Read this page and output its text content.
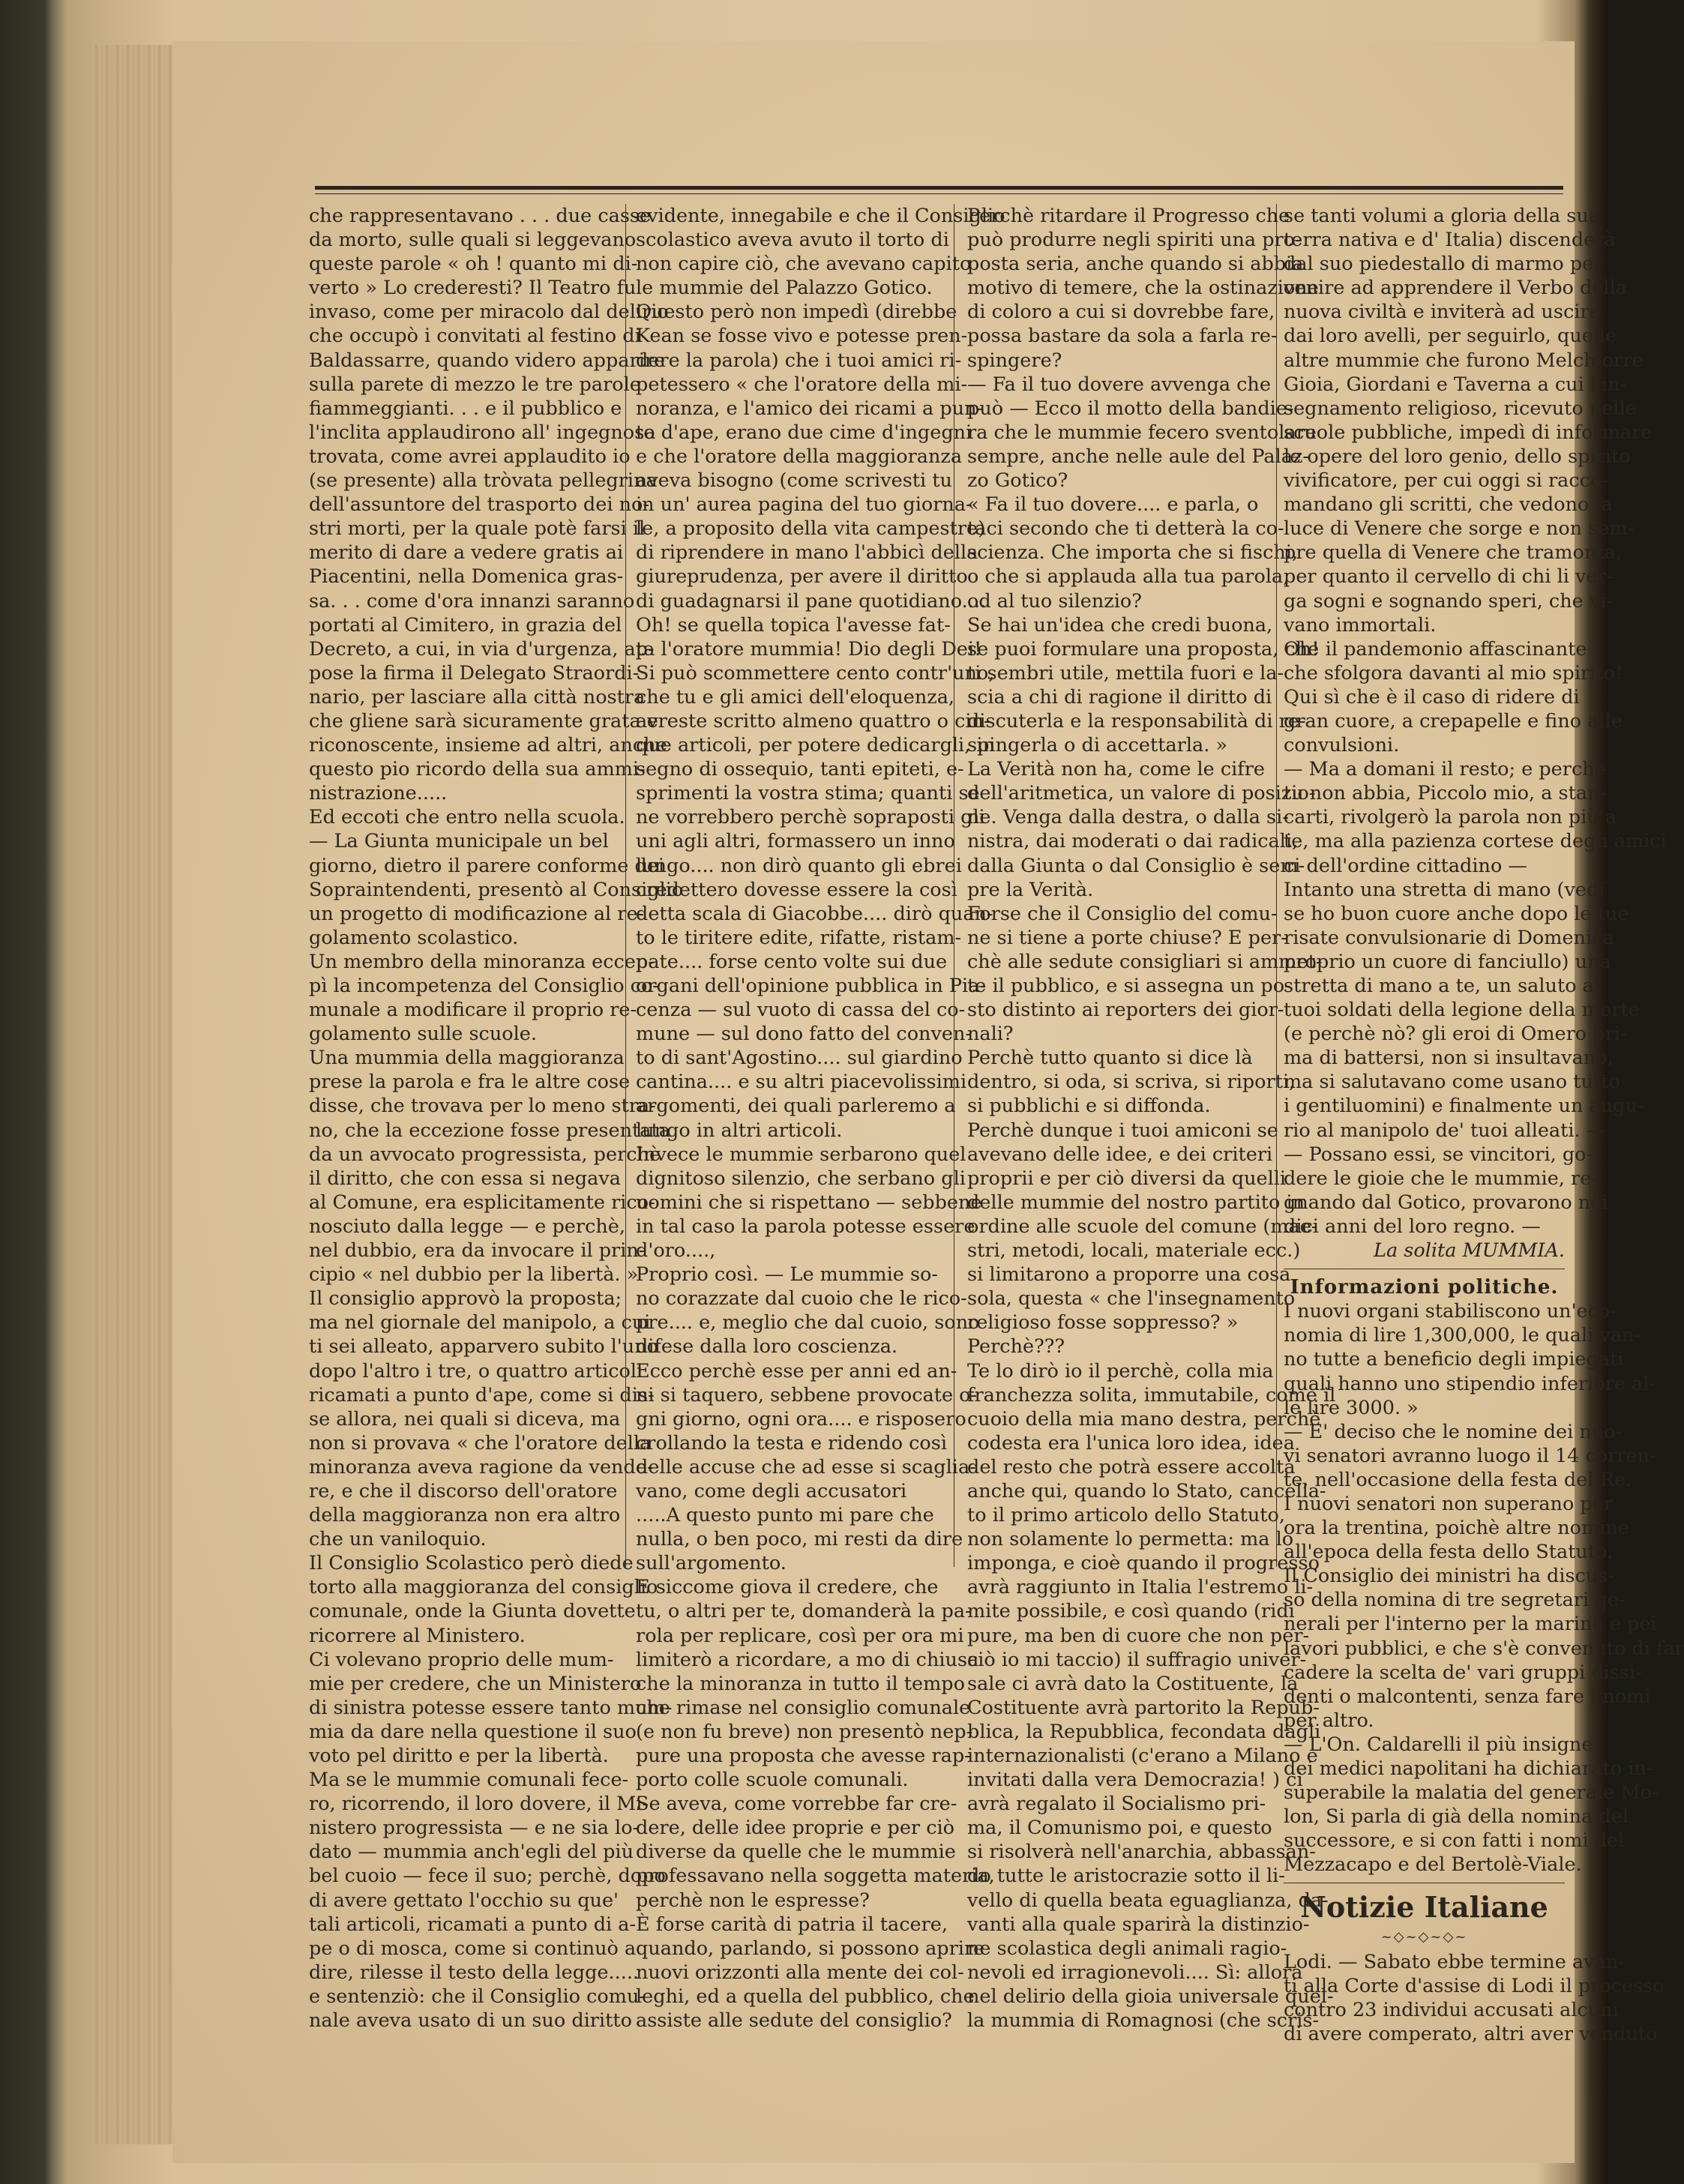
che rappresentavano . . . due casse
da morto, sulle quali si leggevano
queste parole « oh ! quanto mi di-
verto » Lo crederesti? Il Teatro fu
invaso, come per miracolo dal delirio
che occupò i convitati al festino di
Baldassarre, quando videro apparire
sulla parete di mezzo le tre parole
fiammeggianti. . . e il pubblico e
l'inclita applaudirono all' ingegnosa
trovata, come avrei applaudito io
(se presente) alla tròvata pellegrina
dell'assuntore del trasporto dei no-
stri morti, per la quale potè farsi il
merito di dare a vedere gratis ai
Piacentini, nella Domenica gras-
sa. . . come d'ora innanzi saranno
portati al Cimitero, in grazia del
Decreto, a cui, in via d'urgenza, ap-
pose la firma il Delegato Straordi-
nario, per lasciare alla città nostra
che gliene sarà sicuramente grata e
riconoscente, insieme ad altri, anche
questo pio ricordo della sua ammi-
nistrazione.....
Ed eccoti che entro nella scuola.
— La Giunta municipale un bel
giorno, dietro il parere conforme dei
Sopraintendenti, presentò al Consiglio
un progetto di modificazione al re-
golamento scolastico.
Un membro della minoranza eccep-
pì la incompetenza del Consiglio co-
munale a modificare il proprio re-
golamento sulle scuole.
Una mummia della maggioranza
prese la parola e fra le altre cose
disse, che trovava per lo meno stra-
no, che la eccezione fosse presentata
da un avvocato progressista, perchè
il diritto, che con essa si negava
al Comune, era esplicitamente rico-
nosciuto dalla legge — e perchè,
nel dubbio, era da invocare il prin-
cipio « nel dubbio per la libertà. »
Il consiglio approvò la proposta;
ma nel giornale del manipolo, a cui
ti sei alleato, apparvero subito l'uno
dopo l'altro i tre, o quattro articoli
ricamati a punto d'ape, come si dis-
se allora, nei quali si diceva, ma
non si provava « che l'oratore della
minoranza aveva ragione da vende-
re, e che il discorso dell'oratore
della maggioranza non era altro
che un vaniloquio.
Il Consiglio Scolastico però diede
torto alla maggioranza del consiglio
comunale, onde la Giunta dovette
ricorrere al Ministero.
Ci volevano proprio delle mum-
mie per credere, che un Ministero
di sinistra potesse essere tanto mum-
mia da dare nella questione il suo
voto pel diritto e per la libertà.
Ma se le mummie comunali fece-
ro, ricorrendo, il loro dovere, il Mi-
nistero progressista — e ne sia lo-
dato — mummia anch'egli del più
bel cuoio — fece il suo; perchè, dopo
di avere gettato l'occhio su que'
tali articoli, ricamati a punto di a-
pe o di mosca, come si continuò a
dire, rilesse il testo della legge.....
e sentenziò: che il Consiglio comu-
nale aveva usato di un suo diritto
evidente, innegabile e che il Consiglio
scolastico aveva avuto il torto di
non capire ciò, che avevano capito
le mummie del Palazzo Gotico.
Questo però non impedì (direbbe
Kean se fosse vivo e potesse pren-
dere la parola) che i tuoi amici ri-
petessero « che l'oratore della mi-
noranza, e l'amico dei ricami a pun-
to d'ape, erano due cime d'ingegni
e che l'oratore della maggioranza
aveva bisogno (come scrivesti tu
in un' aurea pagina del tuo giorna-
le, a proposito della vita campestre)
di riprendere in mano l'abbicì della
giureprudenza, per avere il diritto
di guadagnarsi il pane quotidiano....
Oh! se quella topica l'avesse fat-
ta l'oratore mummia! Dio degli Dei!
Si può scommettere cento contr'uno,
che tu e gli amici dell'eloquenza,
avreste scritto almeno quattro o cin-
que articoli, per potere dedicargli, in
segno di ossequio, tanti epiteti, e-
sprimenti la vostra stima; quanti se
ne vorrebbero perchè sopraposti gli
uni agli altri, formassero un inno
lungo.... non dirò quanto gli ebrei
credettero dovesse essere la così
detta scala di Giacobbe.... dirò quan-
to le tiritere edite, rifatte, ristam-
pate.... forse cento volte sui due
organi dell'opinione pubblica in Pia-
cenza — sul vuoto di cassa del co-
mune — sul dono fatto del conven-
to di sant'Agostino.... sul giardino
cantina.... e su altri piacevolissimi
argomenti, dei quali parleremo a
lungo in altri articoli.
Invece le mummie serbarono quel
dignitoso silenzio, che serbano gli
uomini che si rispettano — sebbene
in tal caso la parola potesse essere
d'oro....,
Proprio così. — Le mummie so-
no corazzate dal cuoio che le rico-
pre.... e, meglio che dal cuoio, sono
difese dalla loro coscienza.
Ecco perchè esse per anni ed an-
ni si taquero, sebbene provocate o-
gni giorno, ogni ora.... e risposero
crollando la testa e ridendo così
delle accuse che ad esse si scaglia-
vano, come degli accusatori
.....A questo punto mi pare che
nulla, o ben poco, mi resti da dire
sull'argomento.
E siccome giova il credere, che
tu, o altri per te, domanderà la pa-
rola per replicare, così per ora mi
limiterò a ricordare, a mo di chiusa
che la minoranza in tutto il tempo
che rimase nel consiglio comunale
(e non fu breve) non presentò nep-
pure una proposta che avesse rap-
porto colle scuole comunali.
Se aveva, come vorrebbe far cre-
dere, delle idee proprie e per ciò
diverse da quelle che le mummie
professavano nella soggetta materia,
perchè non le espresse?
È forse carità di patria il tacere,
quando, parlando, si possono aprire
nuovi orizzonti alla mente dei col-
leghi, ed a quella del pubblico, che
assiste alle sedute del consiglio?
Perchè ritardare il Progresso che
può produrre negli spiriti una pro-
posta seria, anche quando si abbia
motivo di temere, che la ostinazione
di coloro a cui si dovrebbe fare,
possa bastare da sola a farla re-
spingere?
— Fa il tuo dovere avvenga che
può — Ecco il motto della bandie-
ra che le mummie fecero sventolare
sempre, anche nelle aule del Palaz-
zo Gotico?
« Fa il tuo dovere.... e parla, o
taci secondo che ti detterà la co-
scienza. Che importa che si fischi,
o che si applauda alla tua parola,
od al tuo silenzio?
Se hai un'idea che credi buona,
se puoi formulare una proposta, che
ti sembri utile, mettila fuori e la-
scia a chi di ragione il diritto di
discuterla e la responsabilità di re-
spingerla o di accettarla. »
La Verità non ha, come le cifre
dell'aritmetica, un valore di posizio-
ne. Venga dalla destra, o dalla si-
nistra, dai moderati o dai radicali,
dalla Giunta o dal Consiglio è sem-
pre la Verità.
Forse che il Consiglio del comu-
ne si tiene a porte chiuse? E per-
chè alle sedute consigliari si ammet-
te il pubblico, e si assegna un po-
sto distinto ai reporters dei gior-
nali?
Perchè tutto quanto si dice là
dentro, si oda, si scriva, si riporti,
si pubblichi e si diffonda.
Perchè dunque i tuoi amiconi se
avevano delle idee, e dei criteri
proprii e per ciò diversi da quelli
delle mummie del nostro partito in
ordine alle scuole del comune (mae-
stri, metodi, locali, materiale ecc.)
si limitarono a proporre una cosa
sola, questa « che l'insegnamento
religioso fosse soppresso? »
Perchè???
Te lo dirò io il perchè, colla mia
franchezza solita, immutabile, come il
cuoio della mia mano destra, perchè
codesta era l'unica loro idea, idea
del resto che potrà essere accolta
anche qui, quando lo Stato, cancella-
to il primo articolo dello Statuto,
non solamente lo permetta: ma lo
imponga, e cioè quando il progresso
avrà raggiunto in Italia l'estremo li-
mite possibile, e così quando (ridi
pure, ma ben di cuore che non per-
ciò io mi taccio) il suffragio univer-
sale ci avrà dato la Costituente, la
Costituente avrà partorito la Repub-
blica, la Repubblica, fecondata dagli
internazionalisti (c'erano a Milano e
invitati dalla vera Democrazia! ) ci
avrà regalato il Socialismo pri-
ma, il Comunismo poi, e questo
si risolverà nell'anarchia, abbassan-
do tutte le aristocrazie sotto il li-
vello di quella beata eguaglianza, da-
vanti alla quale sparirà la distinzio-
ne scolastica degli animali ragio-
nevoli ed irragionevoli.... Sì: allora
nel delirio della gioia universale quel-
la mummia di Romagnosi (che scris-
se tanti volumi a gloria della sua
terra nativa e d' Italia) discenderà
dal suo piedestallo di marmo per
venire ad apprendere il Verbo della
nuova civiltà e inviterà ad uscire
dai loro avelli, per seguirlo, quelle
altre mummie che furono Melchiorre
Gioia, Giordani e Taverna a cui l'in-
segnamento religioso, ricevuto nelle
scuole pubbliche, impedì di informare
le opere del loro genio, dello spirito
vivificatore, per cui oggi si racco-
mandano gli scritti, che vedono la
luce di Venere che sorge e non sem-
pre quella di Venere che tramonta,
per quanto il cervello di chi li ver-
ga sogni e sognando speri, che vi-
vano immortali.
Oh! il pandemonio affascinante
che sfolgora davanti al mio spirito!
Qui sì che è il caso di ridere di
gran cuore, a crepapelle e fino alle
convulsioni.
— Ma a domani il resto; e perchè
tu non abbia, Piccolo mio, a stan-
carti, rivolgerò la parola non più a
te, ma alla pazienza cortese degli amici
ci dell'ordine cittadino —
Intanto una stretta di mano (vedi
se ho buon cuore anche dopo le tue
risate convulsionarie di Domenica
proprio un cuore di fanciullo) una
stretta di mano a te, un saluto ai
tuoi soldati della legione della morte
(e perchè nò? gli eroi di Omero pri-
ma di battersi, non si insultavano,
ma si salutavano come usano tutto
i gentiluomini) e finalmente un augu-
rio al manipolo de' tuoi alleati. —
— Possano essi, se vincitori, go-
dere le gioie che le mummie, re-
gnando dal Gotico, provarono nei
dici anni del loro regno. —
La solita MUMMIA.
Informazioni politiche.
I nuovi organi stabiliscono un'eco-
nomia di lire 1,300,000, le quali van-
no tutte a beneficio degli impiegati
quali hanno uno stipendio inferiore al-
le lire 3000. »
— E' deciso che le nomine dei nuo-
vi senatori avranno luogo il 14 corren-
te, nell'occasione della festa del Re.
I nuovi senatori non superano per
ora la trentina, poichè altre nomine
all'epoca della festa dello Statuto.
Il Consiglio dei ministri ha discus-
so della nomina di tre segretari ge-
nerali per l'interno per la marina e pei
lavori pubblici, e che s'è convenuto di far
cadere la scelta de' vari gruppi dissi-
denti o malcontenti, senza fare i nomi
per altro.
— L'On. Caldarelli il più insigne
dei medici napolitani ha dichiarato in-
superabile la malatia del generale Mo-
lon, Si parla di già della nomina del
successore, e si con fatti i nomi del
Mezzacapo e del Bertolè-Viale.
Notizie Italiane
~◇~◇~◇~
Lodi. — Sabato ebbe termine avan-
ti alla Corte d'assise di Lodi il processo
contro 23 individui accusati alcuni
di avere comperato, altri aver venduto
